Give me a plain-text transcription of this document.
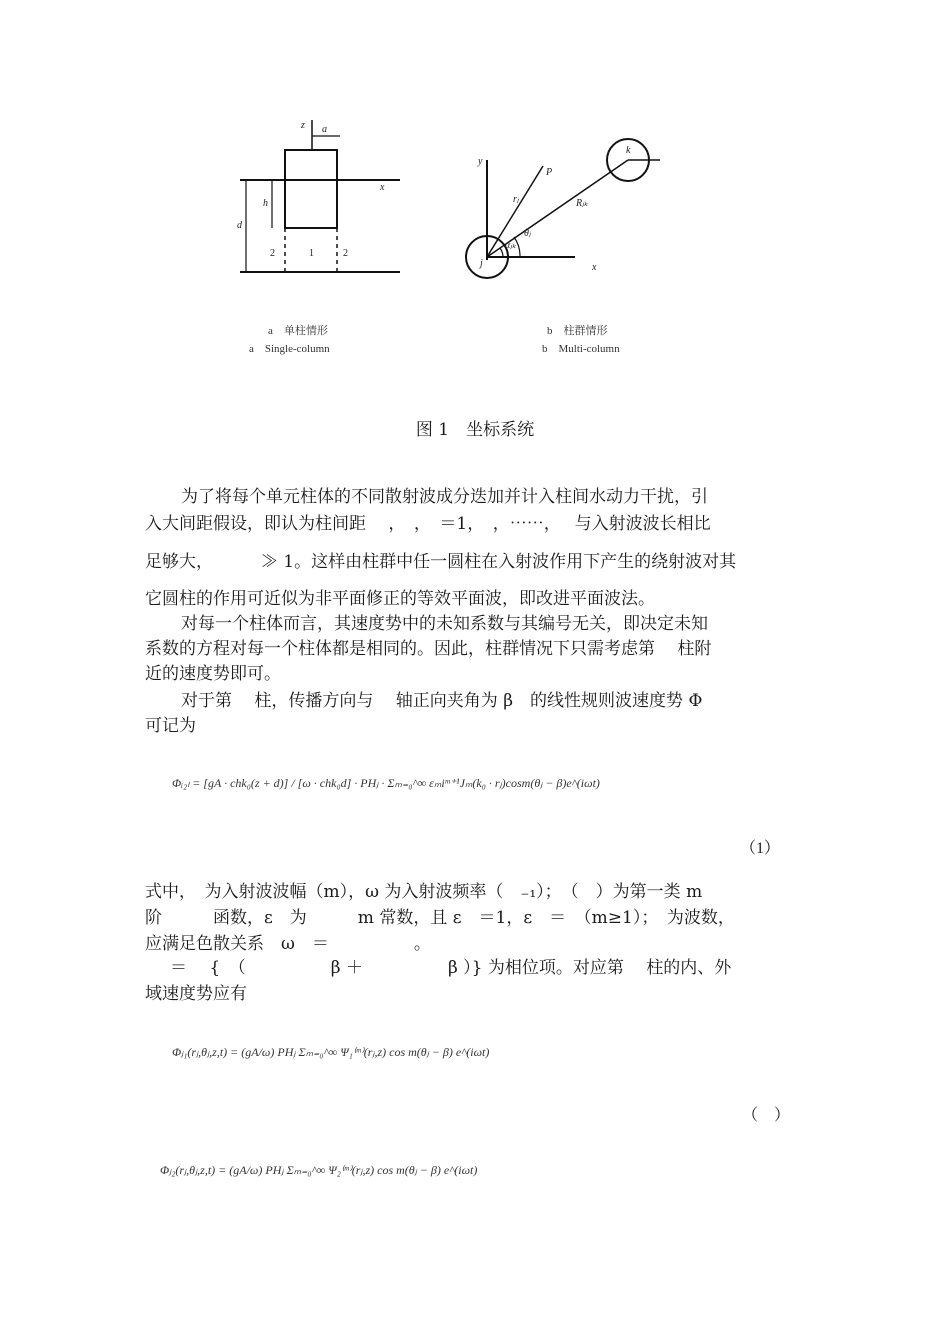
z a
x
h
d
2	1	2
y
P
k
rⱼ	Rⱼₖ
θⱼ
αⱼₖ
j	x
a　单柱情形
a　Single-column
b　柱群情形
b　Multi-column
图 1　坐标系统
为了将每个单元柱体的不同散射波成分迭加并计入柱间水动力干扰，引
入大间距假设，即认为柱间距　 ，　，　＝1，　，⋯⋯，　 与入射波波长相比
足够大，　　　 ≫ 1。这样由柱群中任一圆柱在入射波作用下产生的绕射波对其
它圆柱的作用可近似为非平面修正的等效平面波，即改进平面波法。
对每一个柱体而言，其速度势中的未知系数与其编号无关，即决定未知
系数的方程对每一个柱体都是相同的。因此，柱群情况下只需考虑第　 柱附
近的速度势即可。
对于第　 柱，传播方向与　 轴正向夹角为 β　的线性规则波速度势 Φ
可记为
Φᵢ₂ₗ = [gA · chk₀(z + d)] / [ω · chk₀d] · PHⱼ · Σₘ₌₀^∞ εₘiᵐ⁺¹Jₘ(k₀ · rⱼ)cosm(θⱼ − β)e^(iωt)
（1）
式中，　为入射波波幅（m），ω 为入射波频率（　₋₁）；　（　）为第一类 m
阶　　　函数，ε　为　　　m 常数，且 ε　＝1，ε　＝　（m≥1）；　为波数，
应满足色散关系　ω　＝　　　　　。
＝　 {　（　　　　　β ＋　　　　　β ）} 为相位项。对应第　 柱的内、外
域速度势应有
Φⱼ₁(rⱼ,θⱼ,z,t) = (gA/ω) PHⱼ Σₘ₌₀^∞ Ψ₁⁽ᵐ⁾(rⱼ,z) cos m(θⱼ − β) e^(iωt)
（　）
Φⱼ₂(rⱼ,θⱼ,z,t) = (gA/ω) PHⱼ Σₘ₌₀^∞ Ψ₂⁽ᵐ⁾(rⱼ,z) cos m(θⱼ − β) e^(iωt)
